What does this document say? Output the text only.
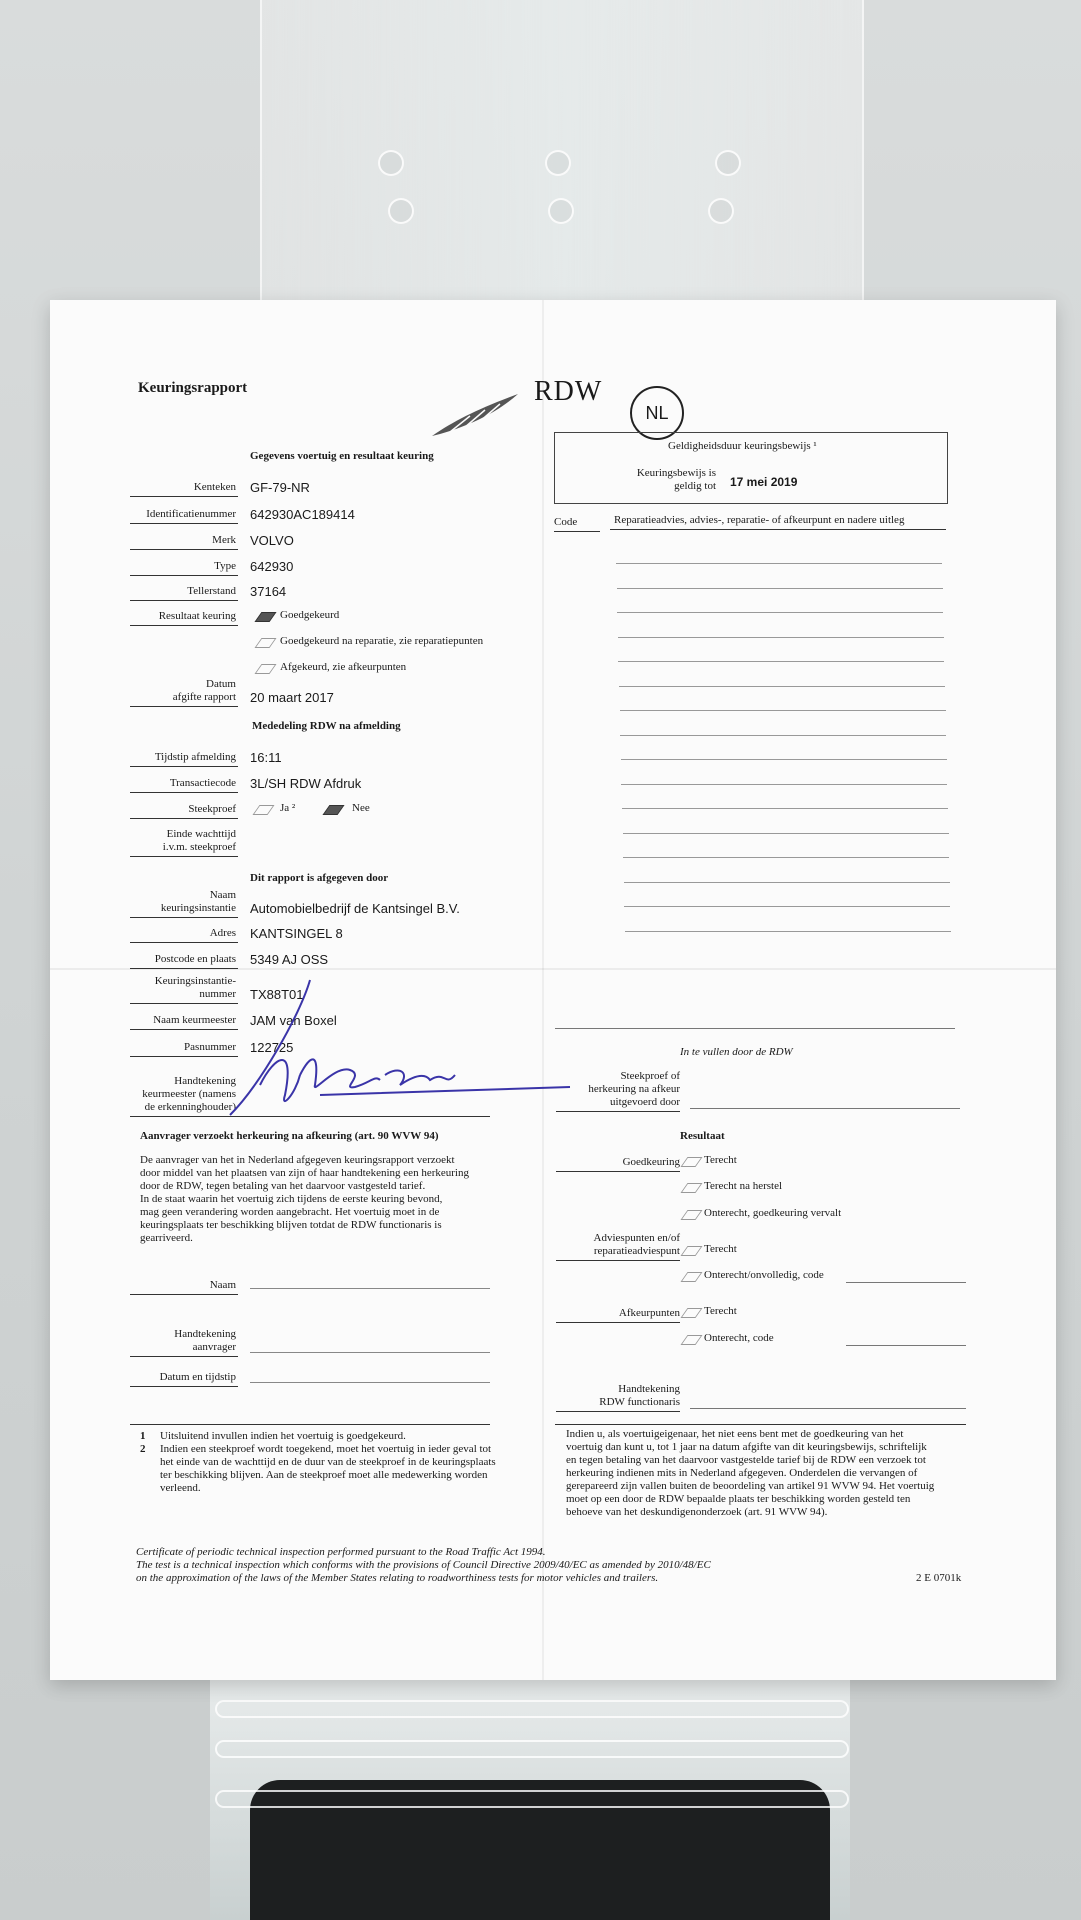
Keuringsrapport	RDW
NL
Gegevens voertuig en resultaat keuring
Kenteken GF-79-NR
Identificatienummer 642930AC189414
Merk VOLVO
Type 642930
Tellerstand 37164
Resultaat keuring	Goedgekeurd
Goedgekeurd na reparatie, zie reparatiepunten
Afgekeurd, zie afkeurpunten
Datum
afgifte rapport 20 maart 2017
Mededeling RDW na afmelding
Tijdstip afmelding 16:11
Transactiecode 3L/SH RDW Afdruk
Steekproef	Ja ²	Nee
Einde wachttijd
i.v.m. steekproef
Dit rapport is afgegeven door
Naam
keuringsinstantie Automobielbedrijf de Kantsingel B.V.
Adres KANTSINGEL 8
Postcode en plaats 5349 AJ OSS
Keuringsinstantie-
nummer TX88T01
Naam keurmeester JAM van Boxel
Pasnummer 122725
Handtekening
keurmeester (namens
de erkenninghouder)
Aanvrager verzoekt herkeuring na afkeuring (art. 90 WVW 94)
De aanvrager van het in Nederland afgegeven keuringsrapport verzoekt
door middel van het plaatsen van zijn of haar handtekening een herkeuring
door de RDW, tegen betaling van het daarvoor vastgesteld tarief.
In de staat waarin het voertuig zich tijdens de eerste keuring bevond,
mag geen verandering worden aangebracht. Het voertuig moet in de
keuringsplaats ter beschikking blijven totdat de RDW functionaris is
gearriveerd.
Naam
Handtekening
aanvrager
Datum en tijdstip
1 Uitsluitend invullen indien het voertuig is goedgekeurd.
2 Indien een steekproef wordt toegekend, moet het voertuig in ieder geval tot
het einde van de wachttijd en de duur van de steekproef in de keuringsplaats
ter beschikking blijven. Aan de steekproef moet alle medewerking worden
verleend.
Geldigheidsduur keuringsbewijs ¹
Keuringsbewijs is
geldig tot 17 mei 2019
Code	Reparatieadvies, advies-, reparatie- of afkeurpunt en nadere uitleg
In te vullen door de RDW
Steekproef of
herkeuring na afkeur
uitgevoerd door
Resultaat
Goedkeuring Terecht
Terecht na herstel
Onterecht, goedkeuring vervalt
Adviespunten en/of
reparatieadviespunt Terecht
Onterecht/onvolledig, code
Afkeurpunten Terecht
Onterecht, code
Handtekening
RDW functionaris
Indien u, als voertuigeigenaar, het niet eens bent met de goedkeuring van het
voertuig dan kunt u, tot 1 jaar na datum afgifte van dit keuringsbewijs, schriftelijk
en tegen betaling van het daarvoor vastgestelde tarief bij de RDW een verzoek tot
herkeuring indienen mits in Nederland afgegeven. Onderdelen die vervangen of
gerepareerd zijn vallen buiten de beoordeling van artikel 91 WVW 94. Het voertuig
moet op een door de RDW bepaalde plaats ter beschikking worden gesteld ten
behoeve van het deskundigenonderzoek (art. 91 WVW 94).
Certificate of periodic technical inspection performed pursuant to the Road Traffic Act 1994.
The test is a technical inspection which conforms with the provisions of Council Directive 2009/40/EC as amended by 2010/48/EC
on the approximation of the laws of the Member States relating to roadworthiness tests for motor vehicles and trailers.	2 E 0701k
